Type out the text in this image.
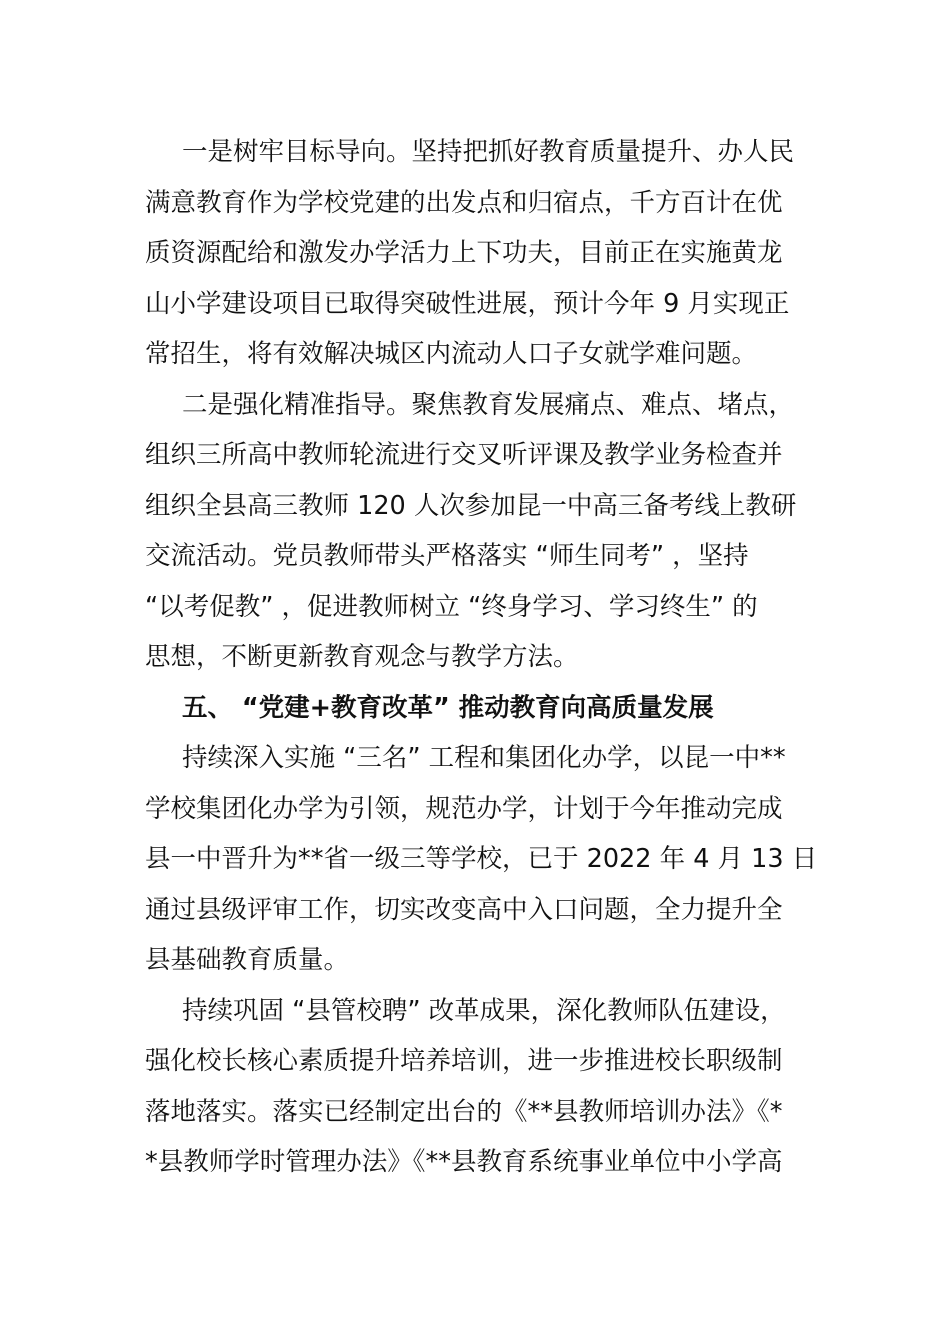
一是树牢目标导向。坚持把抓好教育质量提升、办人民
满意教育作为学校党建的出发点和归宿点，千方百计在优
质资源配给和激发办学活力上下功夫，目前正在实施黄龙
山小学建设项目已取得突破性进展，预计今年 9 月实现正
常招生，将有效解决城区内流动人口子女就学难问题。
二是强化精准指导。聚焦教育发展痛点、难点、堵点，
组织三所高中教师轮流进行交叉听评课及教学业务检查并
组织全县高三教师 120 人次参加昆一中高三备考线上教研
交流活动。党员教师带头严格落实 “师生同考” ，坚持
“以考促教” ，促进教师树立 “终身学习、学习终生” 的
思想，不断更新教育观念与教学方法。
五、 “党建+教育改革” 推动教育向高质量发展
持续深入实施 “三名” 工程和集团化办学，以昆一中**
学校集团化办学为引领，规范办学，计划于今年推动完成
县一中晋升为**省一级三等学校，已于 2022 年 4 月 13 日
通过县级评审工作，切实改变高中入口问题，全力提升全
县基础教育质量。
持续巩固 “县管校聘” 改革成果，深化教师队伍建设，
强化校长核心素质提升培养培训，进一步推进校长职级制
落地落实。落实已经制定出台的《**县教师培训办法》《*
*县教师学时管理办法》《**县教育系统事业单位中小学高
